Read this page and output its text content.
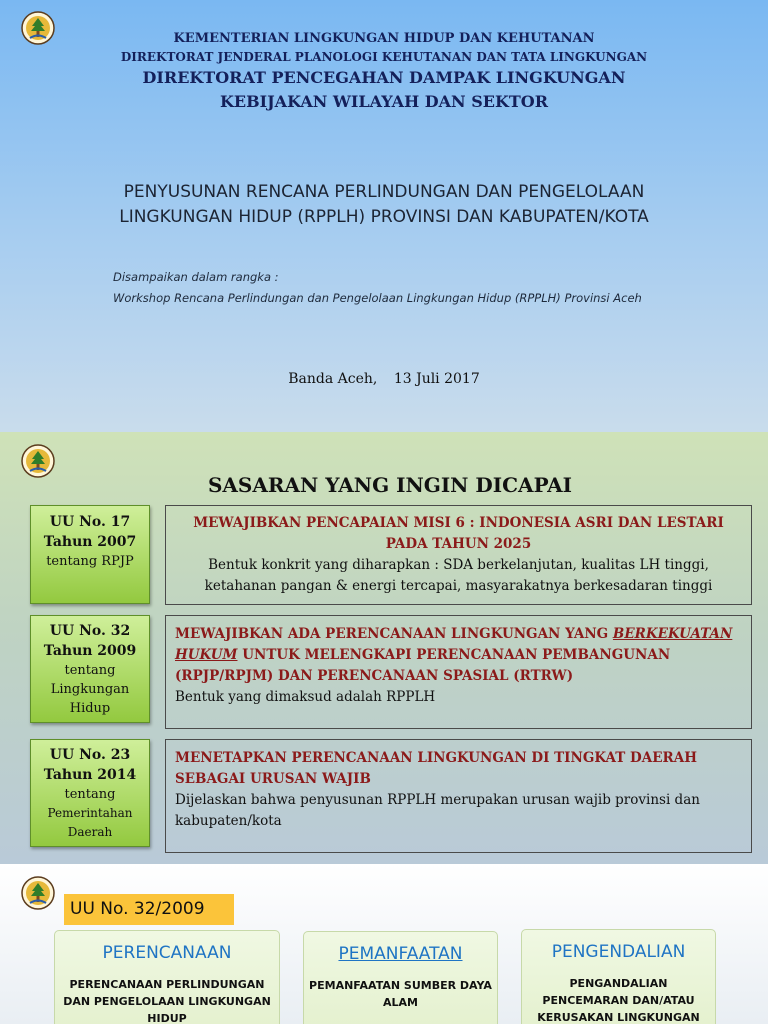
KEMENTERIAN LINGKUNGAN HIDUP DAN KEHUTANAN
DIREKTORAT JENDERAL PLANOLOGI KEHUTANAN DAN TATA LINGKUNGAN
DIREKTORAT PENCEGAHAN DAMPAK LINGKUNGAN
KEBIJAKAN WILAYAH DAN SEKTOR
PENYUSUNAN RENCANA PERLINDUNGAN DAN PENGELOLAAN
LINGKUNGAN HIDUP (RPPLH) PROVINSI DAN KABUPATEN/KOTA
Disampaikan dalam rangka :
Workshop Rencana Perlindungan dan Pengelolaan Lingkungan Hidup (RPPLH) Provinsi Aceh
Banda Aceh, 13 Juli 2017
SASARAN YANG INGIN DICAPAI
UU No. 17
Tahun 2007
tentang RPJP
UU No. 32
Tahun 2009
tentang
Lingkungan
Hidup
UU No. 23
Tahun 2014
tentang
Pemerintahan
Daerah
MEWAJIBKAN PENCAPAIAN MISI 6 : INDONESIA ASRI DAN LESTARI PADA TAHUN 2025
Bentuk konkrit yang diharapkan : SDA berkelanjutan, kualitas LH tinggi, ketahanan pangan & energi tercapai, masyarakatnya berkesadaran tinggi
MEWAJIBKAN ADA PERENCANAAN LINGKUNGAN YANG BERKEKUATAN HUKUM UNTUK MELENGKAPI PERENCANAAN PEMBANGUNAN (RPJP/RPJM) DAN PERENCANAAN SPASIAL (RTRW)
Bentuk yang dimaksud adalah RPPLH
MENETAPKAN PERENCANAAN LINGKUNGAN DI TINGKAT DAERAH SEBAGAI URUSAN WAJIB
Dijelaskan bahwa penyusunan RPPLH merupakan urusan wajib provinsi dan kabupaten/kota
UU No. 32/2009
PERENCANAAN
PERENCANAAN PERLINDUNGAN DAN PENGELOLAAN LINGKUNGAN HIDUP
PEMANFAATAN
PEMANFAATAN SUMBER DAYA ALAM
PENGENDALIAN
PENGANDALIAN PENCEMARAN DAN/ATAU KERUSAKAN LINGKUNGAN
